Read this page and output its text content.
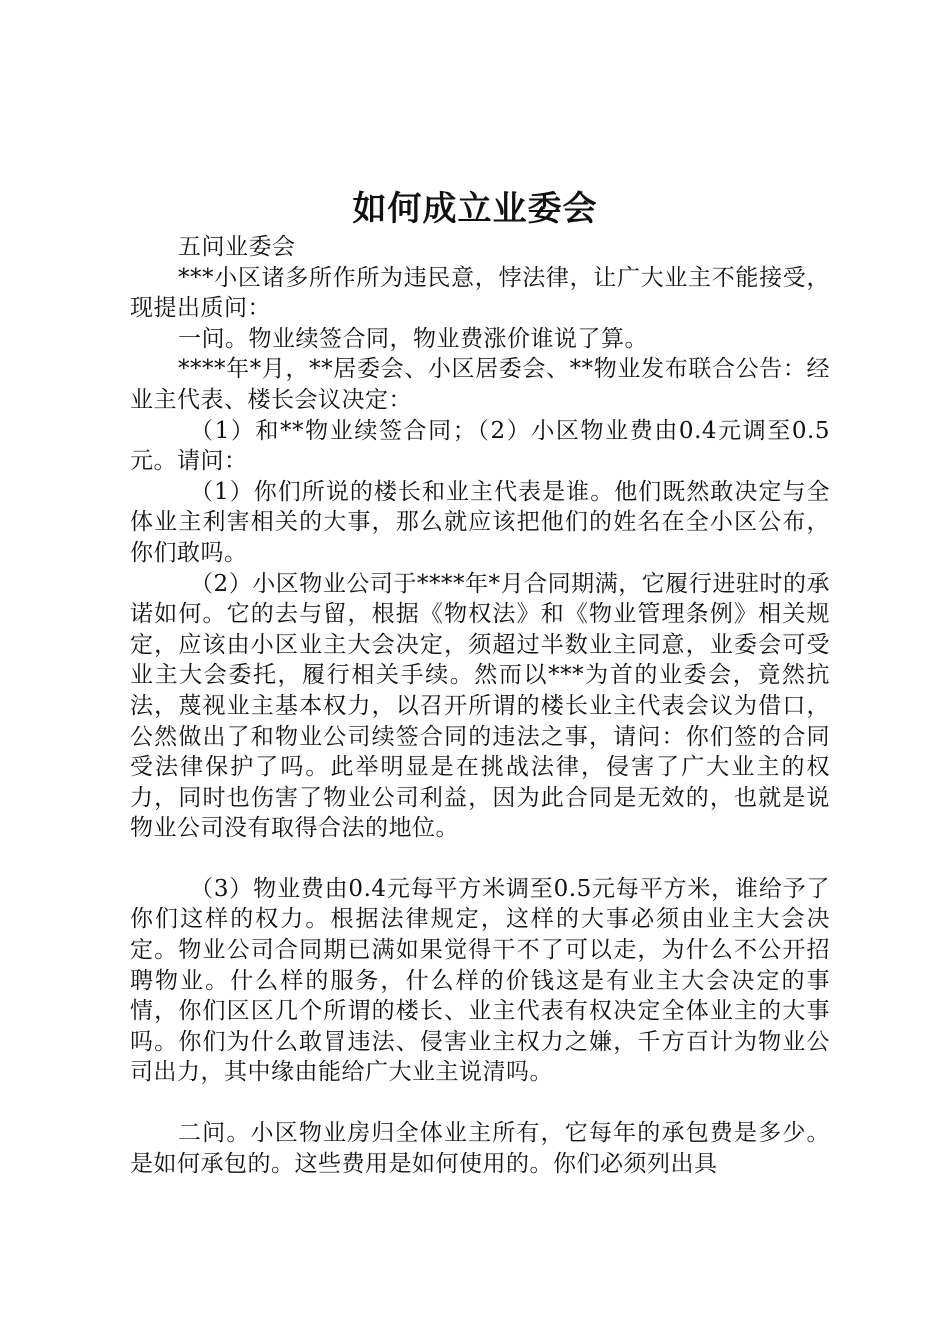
如何成立业委会

五问业委会

***小区诸多所作所为违民意，悖法律，让广大业主不能接受，现提出质问：

一问。物业续签合同，物业费涨价谁说了算。

****年*月，**居委会、小区居委会、**物业发布联合公告：经业主代表、楼长会议决定：

（1）和**物业续签合同；（2）小区物业费由0.4元调至0.5元。请问：

（1）你们所说的楼长和业主代表是谁。他们既然敢决定与全体业主利害相关的大事，那么就应该把他们的姓名在全小区公布，你们敢吗。

（2）小区物业公司于****年*月合同期满，它履行进驻时的承诺如何。它的去与留，根据《物权法》和《物业管理条例》相关规定，应该由小区业主大会决定，须超过半数业主同意，业委会可受业主大会委托，履行相关手续。然而以***为首的业委会，竟然抗法，蔑视业主基本权力，以召开所谓的楼长业主代表会议为借口，公然做出了和物业公司续签合同的违法之事，请问：你们签的合同受法律保护了吗。此举明显是在挑战法律，侵害了广大业主的权力，同时也伤害了物业公司利益，因为此合同是无效的，也就是说物业公司没有取得合法的地位。

（3）物业费由0.4元每平方米调至0.5元每平方米，谁给予了你们这样的权力。根据法律规定，这样的大事必须由业主大会决定。物业公司合同期已满如果觉得干不了可以走，为什么不公开招聘物业。什么样的服务，什么样的价钱这是有业主大会决定的事情，你们区区几个所谓的楼长、业主代表有权决定全体业主的大事吗。你们为什么敢冒违法、侵害业主权力之嫌，千方百计为物业公司出力，其中缘由能给广大业主说清吗。

二问。小区物业房归全体业主所有，它每年的承包费是多少。是如何承包的。这些费用是如何使用的。你们必须列出具
